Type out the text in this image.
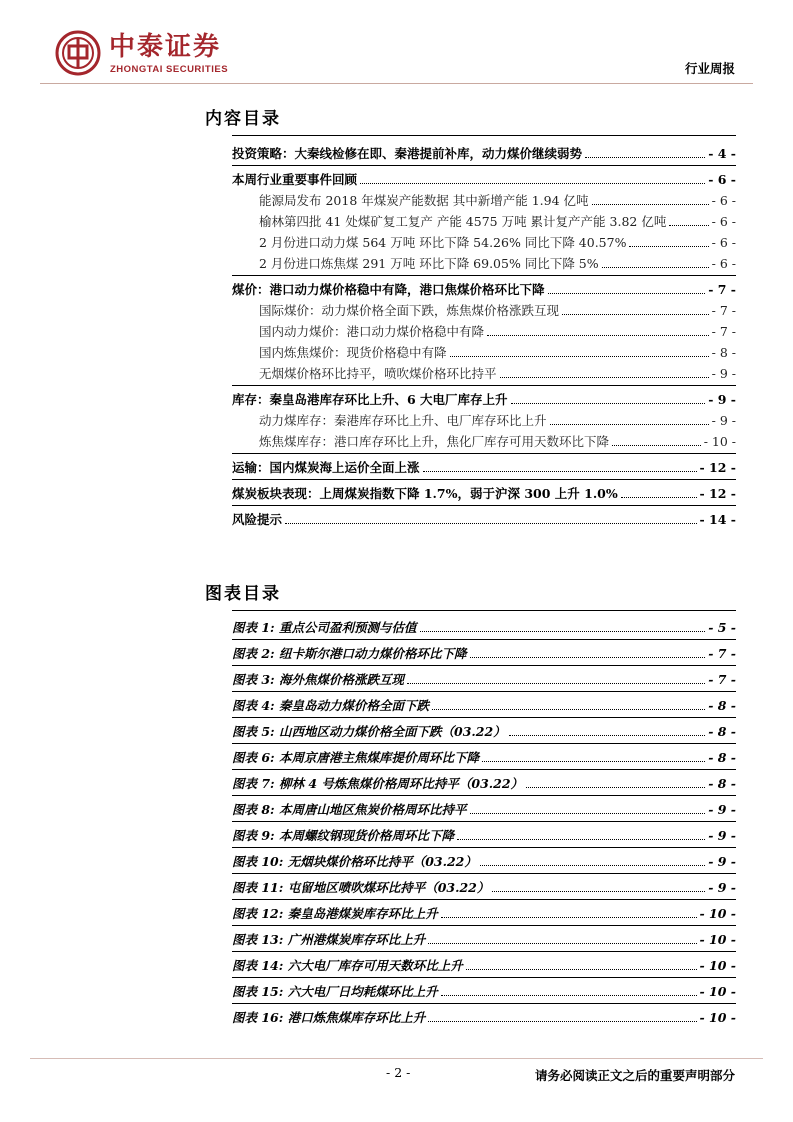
中泰证券
ZHONGTAI SECURITIES	行业周报
内容目录
投资策略：大秦线检修在即、秦港提前补库，动力煤价继续弱势	- 4 -
本周行业重要事件回顾	- 6 -
能源局发布 2018 年煤炭产能数据 其中新增产能 1.94 亿吨	- 6 -
榆林第四批 41 处煤矿复工复产 产能 4575 万吨 累计复产产能 3.82 亿吨	- 6 -
2 月份进口动力煤 564 万吨 环比下降 54.26% 同比下降 40.57%	- 6 -
2 月份进口炼焦煤 291 万吨 环比下降 69.05% 同比下降 5%	- 6 -
煤价：港口动力煤价格稳中有降，港口焦煤价格环比下降	- 7 -
国际煤价：动力煤价格全面下跌，炼焦煤价格涨跌互现	- 7 -
国内动力煤价：港口动力煤价格稳中有降	- 7 -
国内炼焦煤价：现货价格稳中有降	- 8 -
无烟煤价格环比持平，喷吹煤价格环比持平	- 9 -
库存：秦皇岛港库存环比上升、6 大电厂库存上升	- 9 -
动力煤库存：秦港库存环比上升、电厂库存环比上升	- 9 -
炼焦煤库存：港口库存环比上升，焦化厂库存可用天数环比下降	- 10 -
运输：国内煤炭海上运价全面上涨	- 12 -
煤炭板块表现：上周煤炭指数下降 1.7%，弱于沪深 300 上升 1.0%	- 12 -
风险提示	- 14 -
图表目录
图表 1: 重点公司盈利预测与估值	- 5 -
图表 2: 纽卡斯尔港口动力煤价格环比下降	- 7 -
图表 3: 海外焦煤价格涨跌互现	- 7 -
图表 4: 秦皇岛动力煤价格全面下跌	- 8 -
图表 5: 山西地区动力煤价格全面下跌（03.22）	- 8 -
图表 6: 本周京唐港主焦煤库提价周环比下降	- 8 -
图表 7: 柳林 4 号炼焦煤价格周环比持平（03.22）	- 8 -
图表 8: 本周唐山地区焦炭价格周环比持平	- 9 -
图表 9: 本周螺纹钢现货价格周环比下降	- 9 -
图表 10: 无烟块煤价格环比持平（03.22）	- 9 -
图表 11: 屯留地区喷吹煤环比持平（03.22）	- 9 -
图表 12: 秦皇岛港煤炭库存环比上升	- 10 -
图表 13: 广州港煤炭库存环比上升	- 10 -
图表 14: 六大电厂库存可用天数环比上升	- 10 -
图表 15: 六大电厂日均耗煤环比上升	- 10 -
图表 16: 港口炼焦煤库存环比上升	- 10 -
- 2 -	请务必阅读正文之后的重要声明部分
